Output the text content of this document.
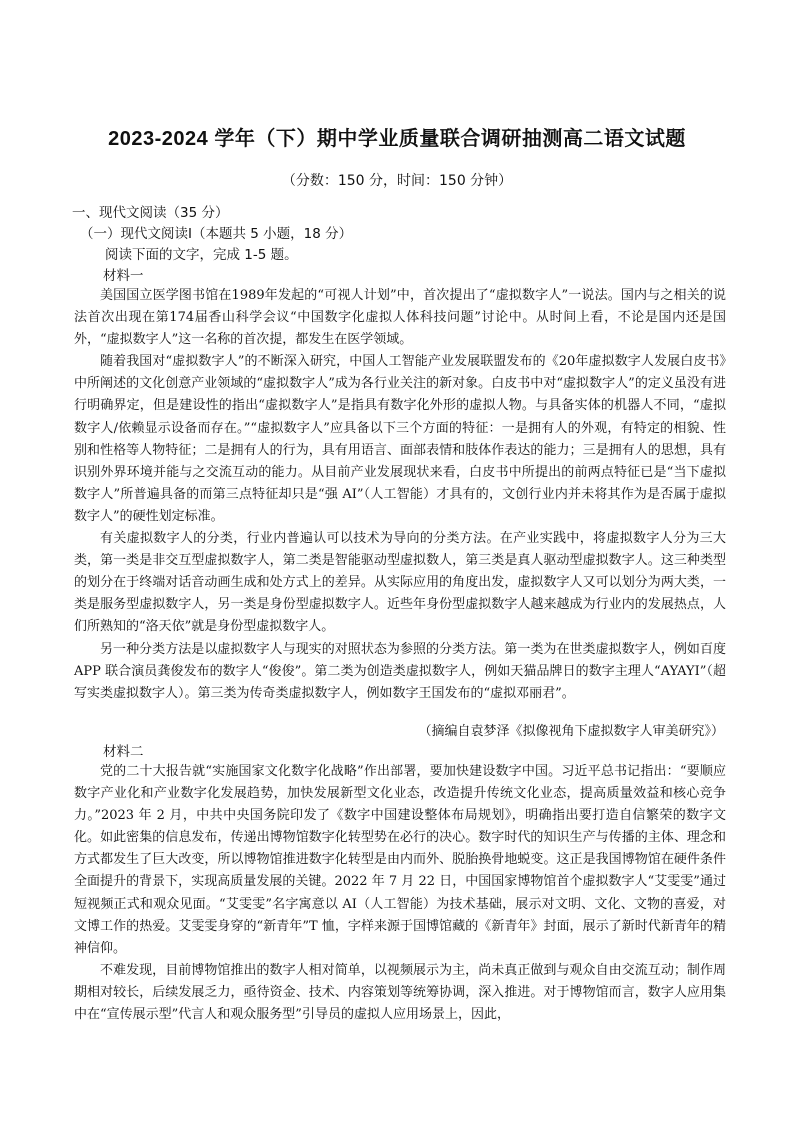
2023-2024 学年（下）期中学业质量联合调研抽测高二语文试题
（分数：150 分，时间：150 分钟）
一、现代文阅读（35 分）
（一）现代文阅读Ⅰ（本题共 5 小题，18 分）
阅读下面的文字，完成 1-5 题。
材料一

美国国立医学图书馆在1989年发起的“可视人计划”中，首次提出了“虚拟数字人”一说法。国内与之相关的说法首次出现在第174届香山科学会议“中国数字化虚拟人体科技问题”讨论中。从时间上看，不论是国内还是国外，“虚拟数字人”这一名称的首次提，都发生在医学领域。

随着我国对“虚拟数字人”的不断深入研究，中国人工智能产业发展联盟发布的《20年虚拟数字人发展白皮书》中所阐述的文化创意产业领域的“虚拟数字人”成为各行业关注的新对象。白皮书中对“虚拟数字人”的定义虽没有进行明确界定，但是建设性的指出“虚拟数字人”是指具有数字化外形的虚拟人物。与具备实体的机器人不同，“虚拟数字人/依赖显示设备而存在。”“虚拟数字人”应具备以下三个方面的特征：一是拥有人的外观，有特定的相貌、性别和性格等人物特征；二是拥有人的行为，具有用语言、面部表情和肢体作表达的能力；三是拥有人的思想，具有识别外界环境并能与之交流互动的能力。从目前产业发展现状来看，白皮书中所提出的前两点特征已是“当下虚拟数字人”所普遍具备的而第三点特征却只是“强 AI”（人工智能）才具有的，文创行业内并未将其作为是否属于虚拟数字人”的硬性划定标准。

有关虚拟数字人的分类，行业内普遍认可以技术为导向的分类方法。在产业实践中，将虚拟数字人分为三大类，第一类是非交互型虚拟数字人，第二类是智能驱动型虚拟数人，第三类是真人驱动型虚拟数字人。这三种类型的划分在于终端对话音动画生成和处方式上的差异。从实际应用的角度出发，虚拟数字人又可以划分为两大类，一类是服务型虚拟数字人，另一类是身份型虚拟数字人。近些年身份型虚拟数字人越来越成为行业内的发展热点，人们所熟知的“洛天依”就是身份型虚拟数字人。

另一种分类方法是以虚拟数字人与现实的对照状态为参照的分类方法。第一类为在世类虚拟数字人，例如百度 APP 联合演员龚俊发布的数字人“俊俊”。第二类为创造类虚拟数字人，例如天猫品牌日的数字主理人“AYAYI”（超写实类虚拟数字人）。第三类为传奇类虚拟数字人，例如数字王国发布的“虚拟邓丽君”。

（摘编自袁梦泽《拟像视角下虚拟数字人审美研究》）
材料二

党的二十大报告就“实施国家文化数字化战略”作出部署，要加快建设数字中国。习近平总书记指出：“要顺应数字产业化和产业数字化发展趋势，加快发展新型文化业态，改造提升传统文化业态，提高质量效益和核心竞争力。”2023 年 2 月，中共中央国务院印发了《数字中国建设整体布局规划》，明确指出要打造自信繁荣的数字文化。如此密集的信息发布，传递出博物馆数字化转型势在必行的决心。数字时代的知识生产与传播的主体、理念和方式都发生了巨大改变，所以博物馆推进数字化转型是由内而外、脱胎换骨地蜕变。这正是我国博物馆在硬件条件全面提升的背景下，实现高质量发展的关键。2022 年 7 月 22 日，中国国家博物馆首个虚拟数字人“艾雯雯”通过短视频正式和观众见面。“艾雯雯”名字寓意以 AI（人工智能）为技术基础，展示对文明、文化、文物的喜爱，对文博工作的热爱。艾雯雯身穿的“新青年”T 恤，字样来源于国博馆藏的《新青年》封面，展示了新时代新青年的精神信仰。

不难发现，目前博物馆推出的数字人相对简单，以视频展示为主，尚未真正做到与观众自由交流互动；制作周期相对较长，后续发展乏力，亟待资金、技术、内容策划等统筹协调，深入推进。对于博物馆而言，数字人应用集中在“宣传展示型”代言人和观众服务型”引导员的虚拟人应用场景上，因此，
